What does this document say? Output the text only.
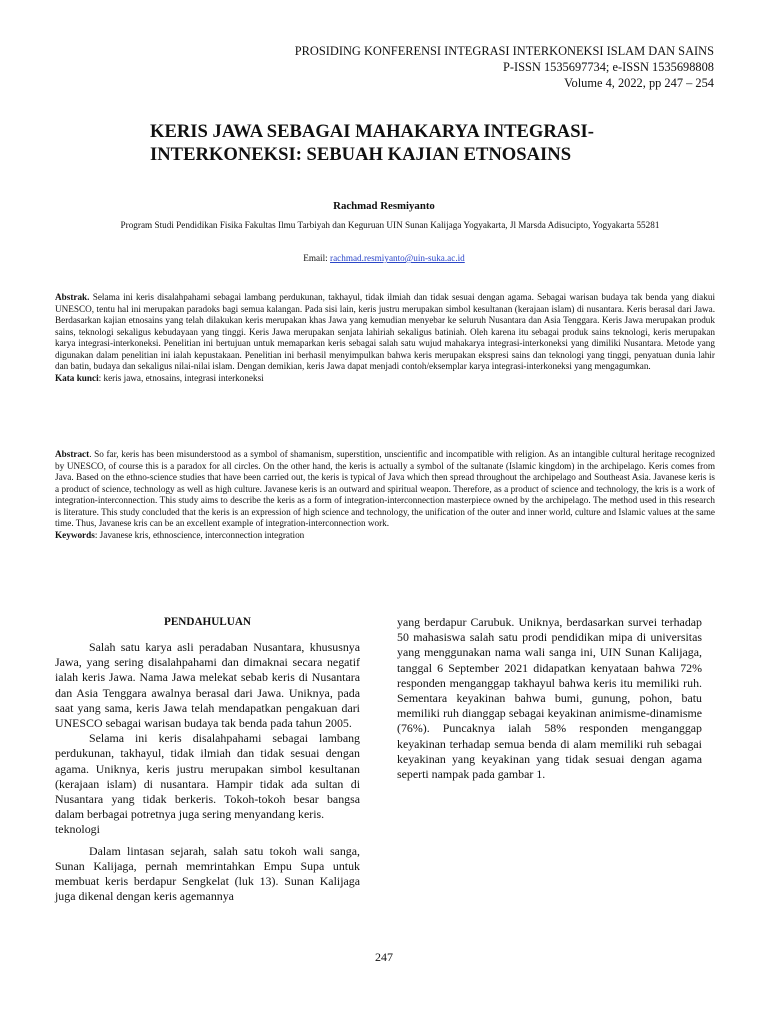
PROSIDING KONFERENSI INTEGRASI INTERKONEKSI ISLAM DAN SAINS
P-ISSN 1535697734; e-ISSN 1535698808
Volume 4, 2022, pp 247 – 254
KERIS JAWA SEBAGAI MAHAKARYA INTEGRASI-INTERKONEKSI: SEBUAH KAJIAN ETNOSAINS
Rachmad Resmiyanto
Program Studi Pendidikan Fisika Fakultas Ilmu Tarbiyah dan Keguruan UIN Sunan Kalijaga Yogyakarta, Jl Marsda Adisucipto, Yogyakarta 55281
Email: rachmad.resmiyanto@uin-suka.ac.id
Abstrak. Selama ini keris disalahpahami sebagai lambang perdukunan, takhayul, tidak ilmiah dan tidak sesuai dengan agama. Sebagai warisan budaya tak benda yang diakui UNESCO, tentu hal ini merupakan paradoks bagi semua kalangan. Pada sisi lain, keris justru merupakan simbol kesultanan (kerajaan islam) di nusantara. Keris berasal dari Jawa. Berdasarkan kajian etnosains yang telah dilakukan keris merupakan khas Jawa yang kemudian menyebar ke seluruh Nusantara dan Asia Tenggara. Keris Jawa merupakan produk sains, teknologi sekaligus kebudayaan yang tinggi. Keris Jawa merupakan senjata lahiriah sekaligus batiniah. Oleh karena itu sebagai produk sains teknologi, keris merupakan karya integrasi-interkoneksi. Penelitian ini bertujuan untuk memaparkan keris sebagai salah satu wujud mahakarya integrasi-interkoneksi yang dimiliki Nusantara. Metode yang digunakan dalam penelitian ini ialah kepustakaan. Penelitian ini berhasil menyimpulkan bahwa keris merupakan ekspresi sains dan teknologi yang tinggi, penyatuan dunia lahir dan batin, budaya dan sekaligus nilai-nilai islam. Dengan demikian, keris Jawa dapat menjadi contoh/eksemplar karya integrasi-interkoneksi yang mengagumkan.
Kata kunci: keris jawa, etnosains, integrasi interkoneksi
Abstract. So far, keris has been misunderstood as a symbol of shamanism, superstition, unscientific and incompatible with religion. As an intangible cultural heritage recognized by UNESCO, of course this is a paradox for all circles. On the other hand, the keris is actually a symbol of the sultanate (Islamic kingdom) in the archipelago. Keris comes from Java. Based on the ethno-science studies that have been carried out, the keris is typical of Java which then spread throughout the archipelago and Southeast Asia. Javanese keris is a product of science, technology as well as high culture. Javanese keris is an outward and spiritual weapon. Therefore, as a product of science and technology, the kris is a work of integration-interconnection. This study aims to describe the keris as a form of integration-interconnection masterpiece owned by the archipelago. The method used in this research is literature. This study concluded that the keris is an expression of high science and technology, the unification of the outer and inner world, culture and Islamic values at the same time. Thus, Javanese kris can be an excellent example of integration-interconnection work.
Keywords: Javanese kris, ethnoscience, interconnection integration
PENDAHULUAN

Salah satu karya asli peradaban Nusantara, khususnya Jawa, yang sering disalahpahami dan dimaknai secara negatif ialah keris Jawa. Nama Jawa melekat sebab keris di Nusantara dan Asia Tenggara awalnya berasal dari Jawa. Uniknya, pada saat yang sama, keris Jawa telah mendapatkan pengakuan dari UNESCO sebagai warisan budaya tak benda pada tahun 2005.

Selama ini keris disalahpahami sebagai lambang perdukunan, takhayul, tidak ilmiah dan tidak sesuai dengan agama. Uniknya, keris justru merupakan simbol kesultanan (kerajaan islam) di nusantara. Hampir tidak ada sultan di Nusantara yang tidak berkeris. Tokoh-tokoh besar bangsa dalam berbagai potretnya juga sering menyandang keris.

teknologi

Dalam lintasan sejarah, salah satu tokoh wali sanga, Sunan Kalijaga, pernah memrintahkan Empu Supa untuk membuat keris berdapur Sengkelat (luk 13). Sunan Kalijaga juga dikenal dengan keris agemannya

yang berdapur Carubuk. Uniknya, berdasarkan survei terhadap 50 mahasiswa salah satu prodi pendidikan mipa di universitas yang menggunakan nama wali sanga ini, UIN Sunan Kalijaga, tanggal 6 September 2021 didapatkan kenyataan bahwa 72% responden menganggap takhayul bahwa keris itu memiliki ruh. Sementara keyakinan bahwa bumi, gunung, pohon, batu memiliki ruh dianggap sebagai keyakinan animisme-dinamisme (76%). Puncaknya ialah 58% responden menganggap keyakinan terhadap semua benda di alam memiliki ruh sebagai keyakinan yang keyakinan yang tidak sesuai dengan agama seperti nampak pada gambar 1.

247
